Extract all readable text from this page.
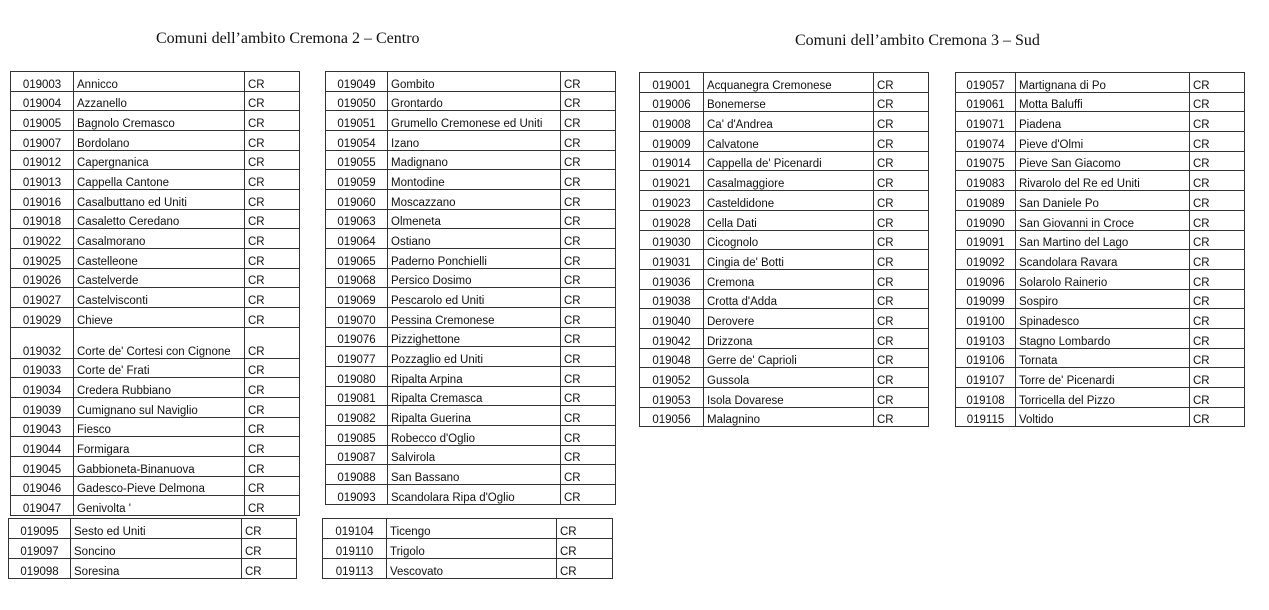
Comuni dell’ambito Cremona 2 – Centro	Comuni dell’ambito Cremona 3 – Sud
019003	Annicco	CR
019004	Azzanello	CR
019005	Bagnolo Cremasco	CR
019007	Bordolano	CR
019012	Capergnanica	CR
019013	Cappella Cantone	CR
019016	Casalbuttano ed Uniti	CR
019018	Casaletto Ceredano	CR
019022	Casalmorano	CR
019025	Castelleone	CR
019026	Castelverde	CR
019027	Castelvisconti	CR
019029	Chieve	CR
019032	Corte de' Cortesi con Cignone	CR
019033	Corte de' Frati	CR
019034	Credera Rubbiano	CR
019039	Cumignano sul Naviglio	CR
019043	Fiesco	CR
019044	Formigara	CR
019045	Gabbioneta-Binanuova	CR
019046	Gadesco-Pieve Delmona	CR
019047	Genivolta '	CR
019049	Gombito	CR
019050	Grontardo	CR
019051	Grumello Cremonese ed Uniti	CR
019054	Izano	CR
019055	Madignano	CR
019059	Montodine	CR
019060	Moscazzano	CR
019063	Olmeneta	CR
019064	Ostiano	CR
019065	Paderno Ponchielli	CR
019068	Persico Dosimo	CR
019069	Pescarolo ed Uniti	CR
019070	Pessina Cremonese	CR
019076	Pizzighettone	CR
019077	Pozzaglio ed Uniti	CR
019080	Ripalta Arpina	CR
019081	Ripalta Cremasca	CR
019082	Ripalta Guerina	CR
019085	Robecco d'Oglio	CR
019087	Salvirola	CR
019088	San Bassano	CR
019093	Scandolara Ripa d'Oglio	CR
019095	Sesto ed Uniti	CR
019097	Soncino	CR
019098	Soresina	CR
019104	Ticengo	CR
019110	Trigolo	CR
019113	Vescovato	CR
019001	Acquanegra Cremonese	CR
019006	Bonemerse	CR
019008	Ca' d'Andrea	CR
019009	Calvatone	CR
019014	Cappella de' Picenardi	CR
019021	Casalmaggiore	CR
019023	Casteldidone	CR
019028	Cella Dati	CR
019030	Cicognolo	CR
019031	Cingia de' Botti	CR
019036	Cremona	CR
019038	Crotta d'Adda	CR
019040	Derovere	CR
019042	Drizzona	CR
019048	Gerre de' Caprioli	CR
019052	Gussola	CR
019053	Isola Dovarese	CR
019056	Malagnino	CR
019057	Martignana di Po	CR
019061	Motta Baluffi	CR
019071	Piadena	CR
019074	Pieve d'Olmi	CR
019075	Pieve San Giacomo	CR
019083	Rivarolo del Re ed Uniti	CR
019089	San Daniele Po	CR
019090	San Giovanni in Croce	CR
019091	San Martino del Lago	CR
019092	Scandolara Ravara	CR
019096	Solarolo Rainerio	CR
019099	Sospiro	CR
019100	Spinadesco	CR
019103	Stagno Lombardo	CR
019106	Tornata	CR
019107	Torre de' Picenardi	CR
019108	Torricella del Pizzo	CR
019115	Voltido	CR
